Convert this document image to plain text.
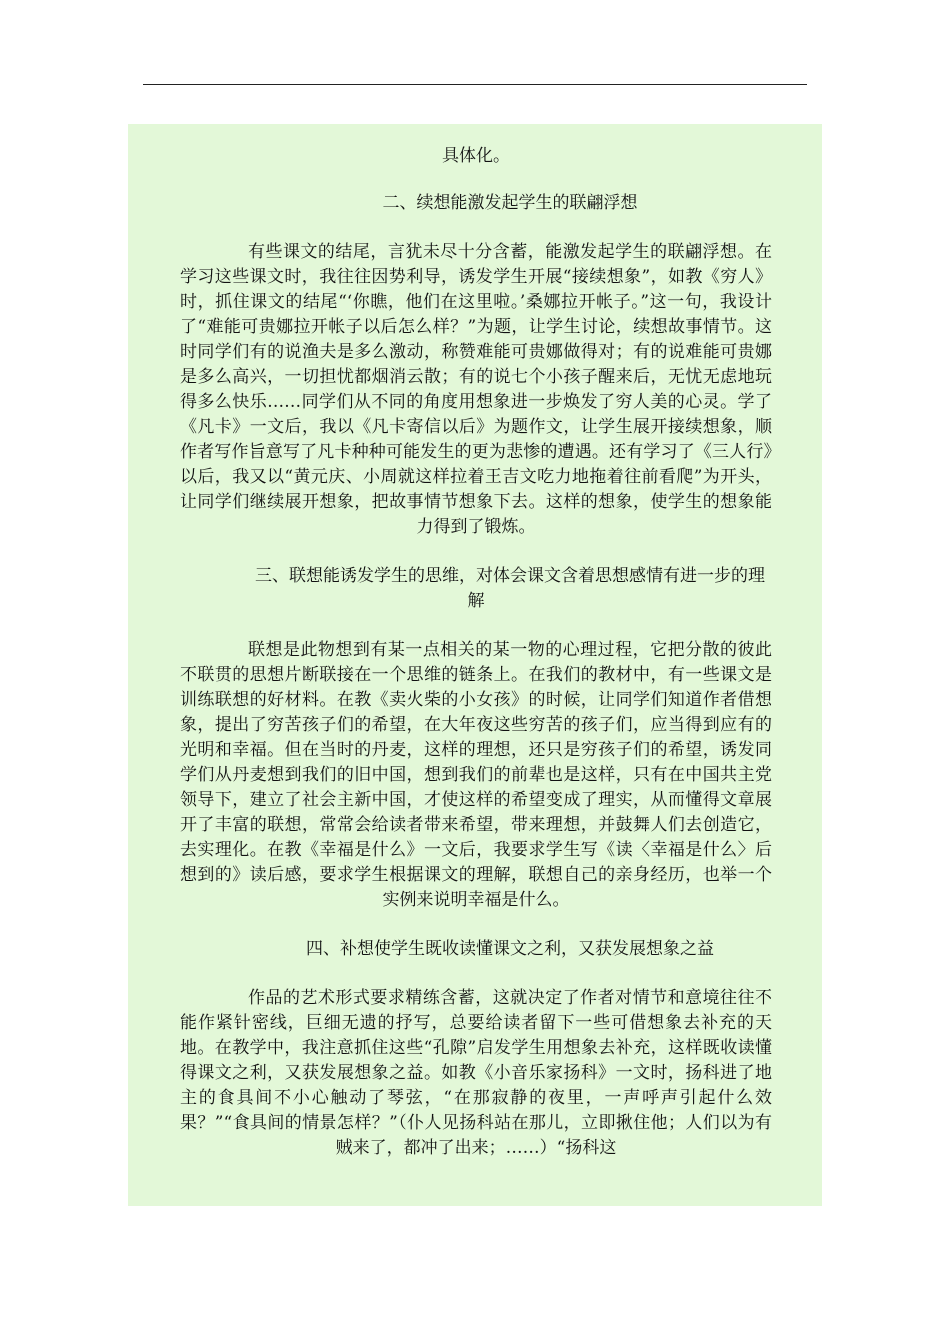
具体化。

二、续想能激发起学生的联翩浮想

有些课文的结尾，言犹未尽十分含蓄，能激发起学生的联翩浮想。在学习这些课文时，我往往因势利导，诱发学生开展“接续想象”，如教《穷人》时，抓住课文的结尾“‘你瞧，他们在这里啦。’桑娜拉开帐子。”这一句，我设计了“难能可贵娜拉开帐子以后怎么样？”为题，让学生讨论，续想故事情节。这时同学们有的说渔夫是多么激动，称赞难能可贵娜做得对；有的说难能可贵娜是多么高兴，一切担忧都烟消云散；有的说七个小孩子醒来后，无忧无虑地玩得多么快乐……同学们从不同的角度用想象进一步焕发了穷人美的心灵。学了《凡卡》一文后，我以《凡卡寄信以后》为题作文，让学生展开接续想象，顺作者写作旨意写了凡卡种种可能发生的更为悲惨的遭遇。还有学习了《三人行》以后，我又以“黄元庆、小周就这样拉着王吉文吃力地拖着往前看爬”为开头，让同学们继续展开想象，把故事情节想象下去。这样的想象，使学生的想象能力得到了锻炼。

三、联想能诱发学生的思维，对体会课文含着思想感情有进一步的理解

联想是此物想到有某一点相关的某一物的心理过程，它把分散的彼此不联贯的思想片断联接在一个思维的链条上。在我们的教材中，有一些课文是训练联想的好材料。在教《卖火柴的小女孩》的时候，让同学们知道作者借想象，提出了穷苦孩子们的希望，在大年夜这些穷苦的孩子们，应当得到应有的光明和幸福。但在当时的丹麦，这样的理想，还只是穷孩子们的希望，诱发同学们从丹麦想到我们的旧中国，想到我们的前辈也是这样，只有在中国共主党领导下，建立了社会主新中国，才使这样的希望变成了理实，从而懂得文章展开了丰富的联想，常常会给读者带来希望，带来理想，并鼓舞人们去创造它，去实理化。在教《幸福是什么》一文后，我要求学生写《读〈幸福是什么〉后想到的》读后感，要求学生根据课文的理解，联想自己的亲身经历，也举一个实例来说明幸福是什么。

四、补想使学生既收读懂课文之利，又获发展想象之益

作品的艺术形式要求精练含蓄，这就决定了作者对情节和意境往往不能作紧针密线，巨细无遗的抒写，总要给读者留下一些可借想象去补充的天地。在教学中，我注意抓住这些“孔隙”启发学生用想象去补充，这样既收读懂得课文之利，又获发展想象之益。如教《小音乐家扬科》一文时，扬科进了地主的食具间不小心触动了琴弦，“在那寂静的夜里，一声呼声引起什么效果？”“食具间的情景怎样？”（仆人见扬科站在那儿，立即揪住他；人们以为有贼来了，都冲了出来；……）“扬科这
